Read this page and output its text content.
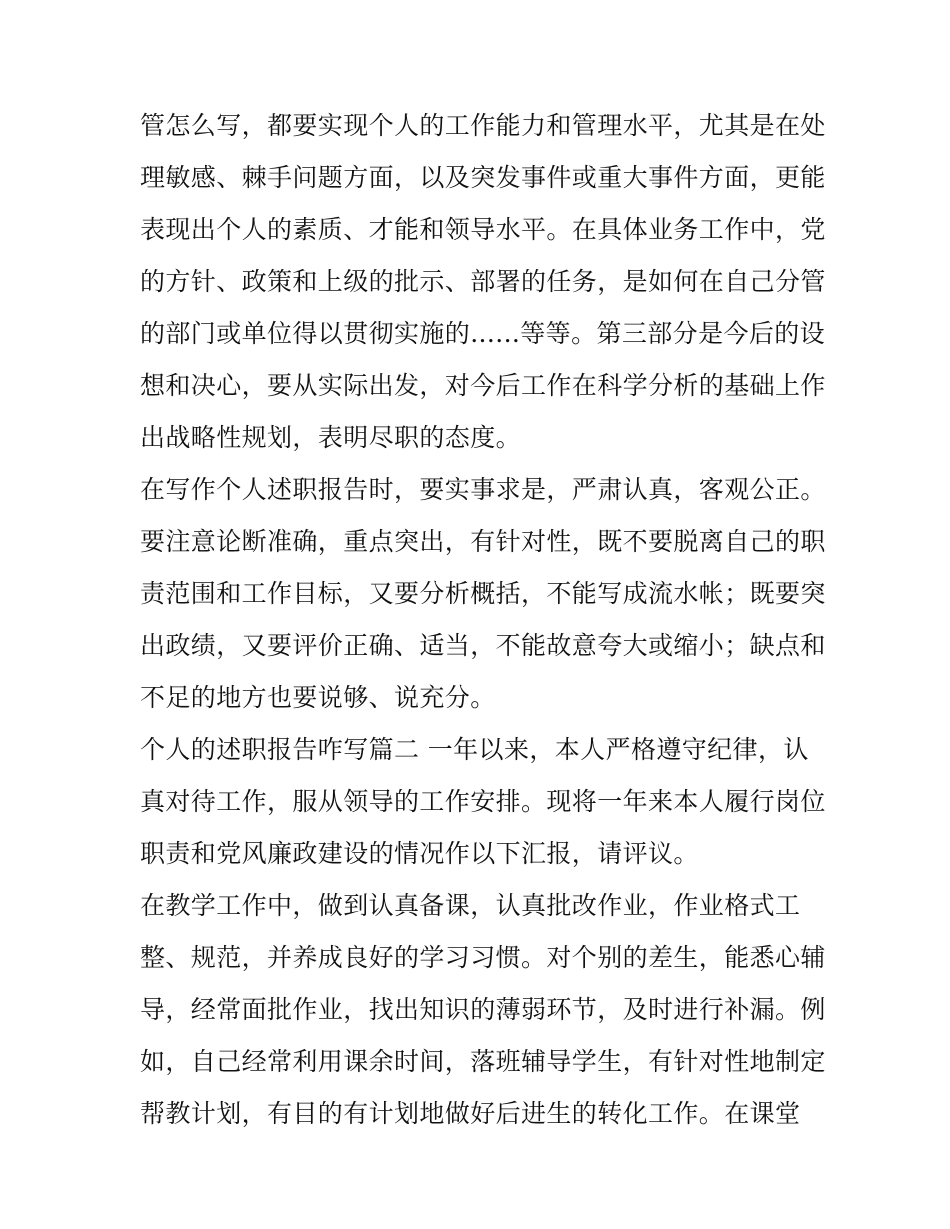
管怎么写，都要实现个人的工作能力和管理水平，尤其是在处
理敏感、棘手问题方面，以及突发事件或重大事件方面，更能
表现出个人的素质、才能和领导水平。在具体业务工作中，党
的方针、政策和上级的批示、部署的任务，是如何在自己分管
的部门或单位得以贯彻实施的......等等。第三部分是今后的设
想和决心，要从实际出发，对今后工作在科学分析的基础上作
出战略性规划，表明尽职的态度。
在写作个人述职报告时，要实事求是，严肃认真，客观公正。
要注意论断准确，重点突出，有针对性，既不要脱离自己的职
责范围和工作目标，又要分析概括，不能写成流水帐；既要突
出政绩，又要评价正确、适当，不能故意夸大或缩小；缺点和
不足的地方也要说够、说充分。
个人的述职报告咋写篇二 一年以来，本人严格遵守纪律，认
真对待工作，服从领导的工作安排。现将一年来本人履行岗位
职责和党风廉政建设的情况作以下汇报，请评议。
在教学工作中，做到认真备课，认真批改作业，作业格式工
整、规范，并养成良好的学习习惯。对个别的差生，能悉心辅
导，经常面批作业，找出知识的薄弱环节，及时进行补漏。例
如，自己经常利用课余时间，落班辅导学生，有针对性地制定
帮教计划，有目的有计划地做好后进生的转化工作。在课堂
